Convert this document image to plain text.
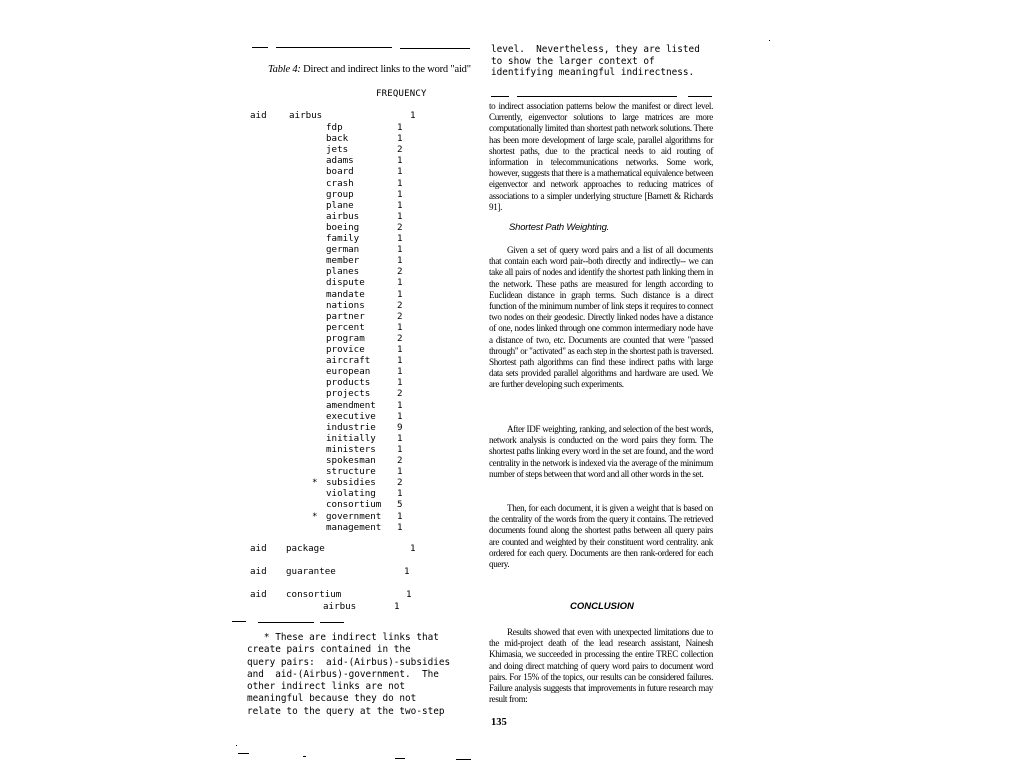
Table 4: Direct and indirect links to the word "aid"
FREQUENCY
aid airbus	1
fdp	1
back	1
jets	2
adams	1
board	1
crash	1
group	1
plane	1
airbus	1
boeing	2
family	1
german	1
member	1
planes	2
dispute	1
mandate	1
nations	2
partner	2
percent	1
program	2
provice	1
aircraft	1
european	1
products	1
projects	2
amendment 1
executive 1
industrie 9
initially 1
ministers 1
spokesman 2
structure 1
* subsidies 2
violating 1
consortium 5
* government 1
management 1
aid package	1
aid guarantee	1
aid consortium	1
airbus	1
* These are indirect links that
create pairs contained in the
query pairs:  aid-(Airbus)-subsidies
and  aid-(Airbus)-government.  The
other indirect links are not
meaningful because they do not
relate to the query at the two-step
level.  Nevertheless, they are listed
to show the larger context of
identifying meaningful indirectness.
to indirect association patterns below the manifest or direct level. Currently, eigenvector solutions to large matrices are more computationally limited than shortest path network solutions. There has been more development of large scale, parallel algorithms for shortest paths, due to the practical needs to aid routing of information in telecommunications networks. Some work, however, suggests that there is a mathematical equivalence between eigenvector and network approaches to reducing matrices of associations to a simpler underlying structure [Barnett & Richards 91].
Shortest Path Weighting.
Given a set of query word pairs and a list of all documents that contain each word pair--both directly and indirectly-- we can take all pairs of nodes and identify the shortest path linking them in the network. These paths are measured for length according to Euclidean distance in graph terms. Such distance is a direct function of the minimum number of link steps it requires to connect two nodes on their geodesic. Directly linked nodes have a distance of one, nodes linked through one common intermediary node have a distance of two, etc. Documents are counted that were "passed through" or "activated" as each step in the shortest path is traversed. Shortest path algorithms can find these indirect paths with large data sets provided parallel algorithms and hardware are used. We are further developing such experiments.
After IDF weighting, ranking, and selection of the best words, network analysis is conducted on the word pairs they form. The shortest paths linking every word in the set are found, and the word centrality in the network is indexed via the average of the minimum number of steps between that word and all other words in the set.
Then, for each document, it is given a weight that is based on the centrality of the words from the query it contains. The retrieved documents found along the shortest paths between all query pairs are counted and weighted by their constituent word centrality. ank ordered for each query. Documents are then rank-ordered for each query.
CONCLUSION
Results showed that even with unexpected limitations due to the mid-project death of the lead research assistant, Nainesh Khimasia, we succeeded in processing the entire TREC collection and doing direct matching of query word pairs to document word pairs. For 15% of the topics, our results can be considered failures. Failure analysis suggests that improvements in future research may result from:
135
